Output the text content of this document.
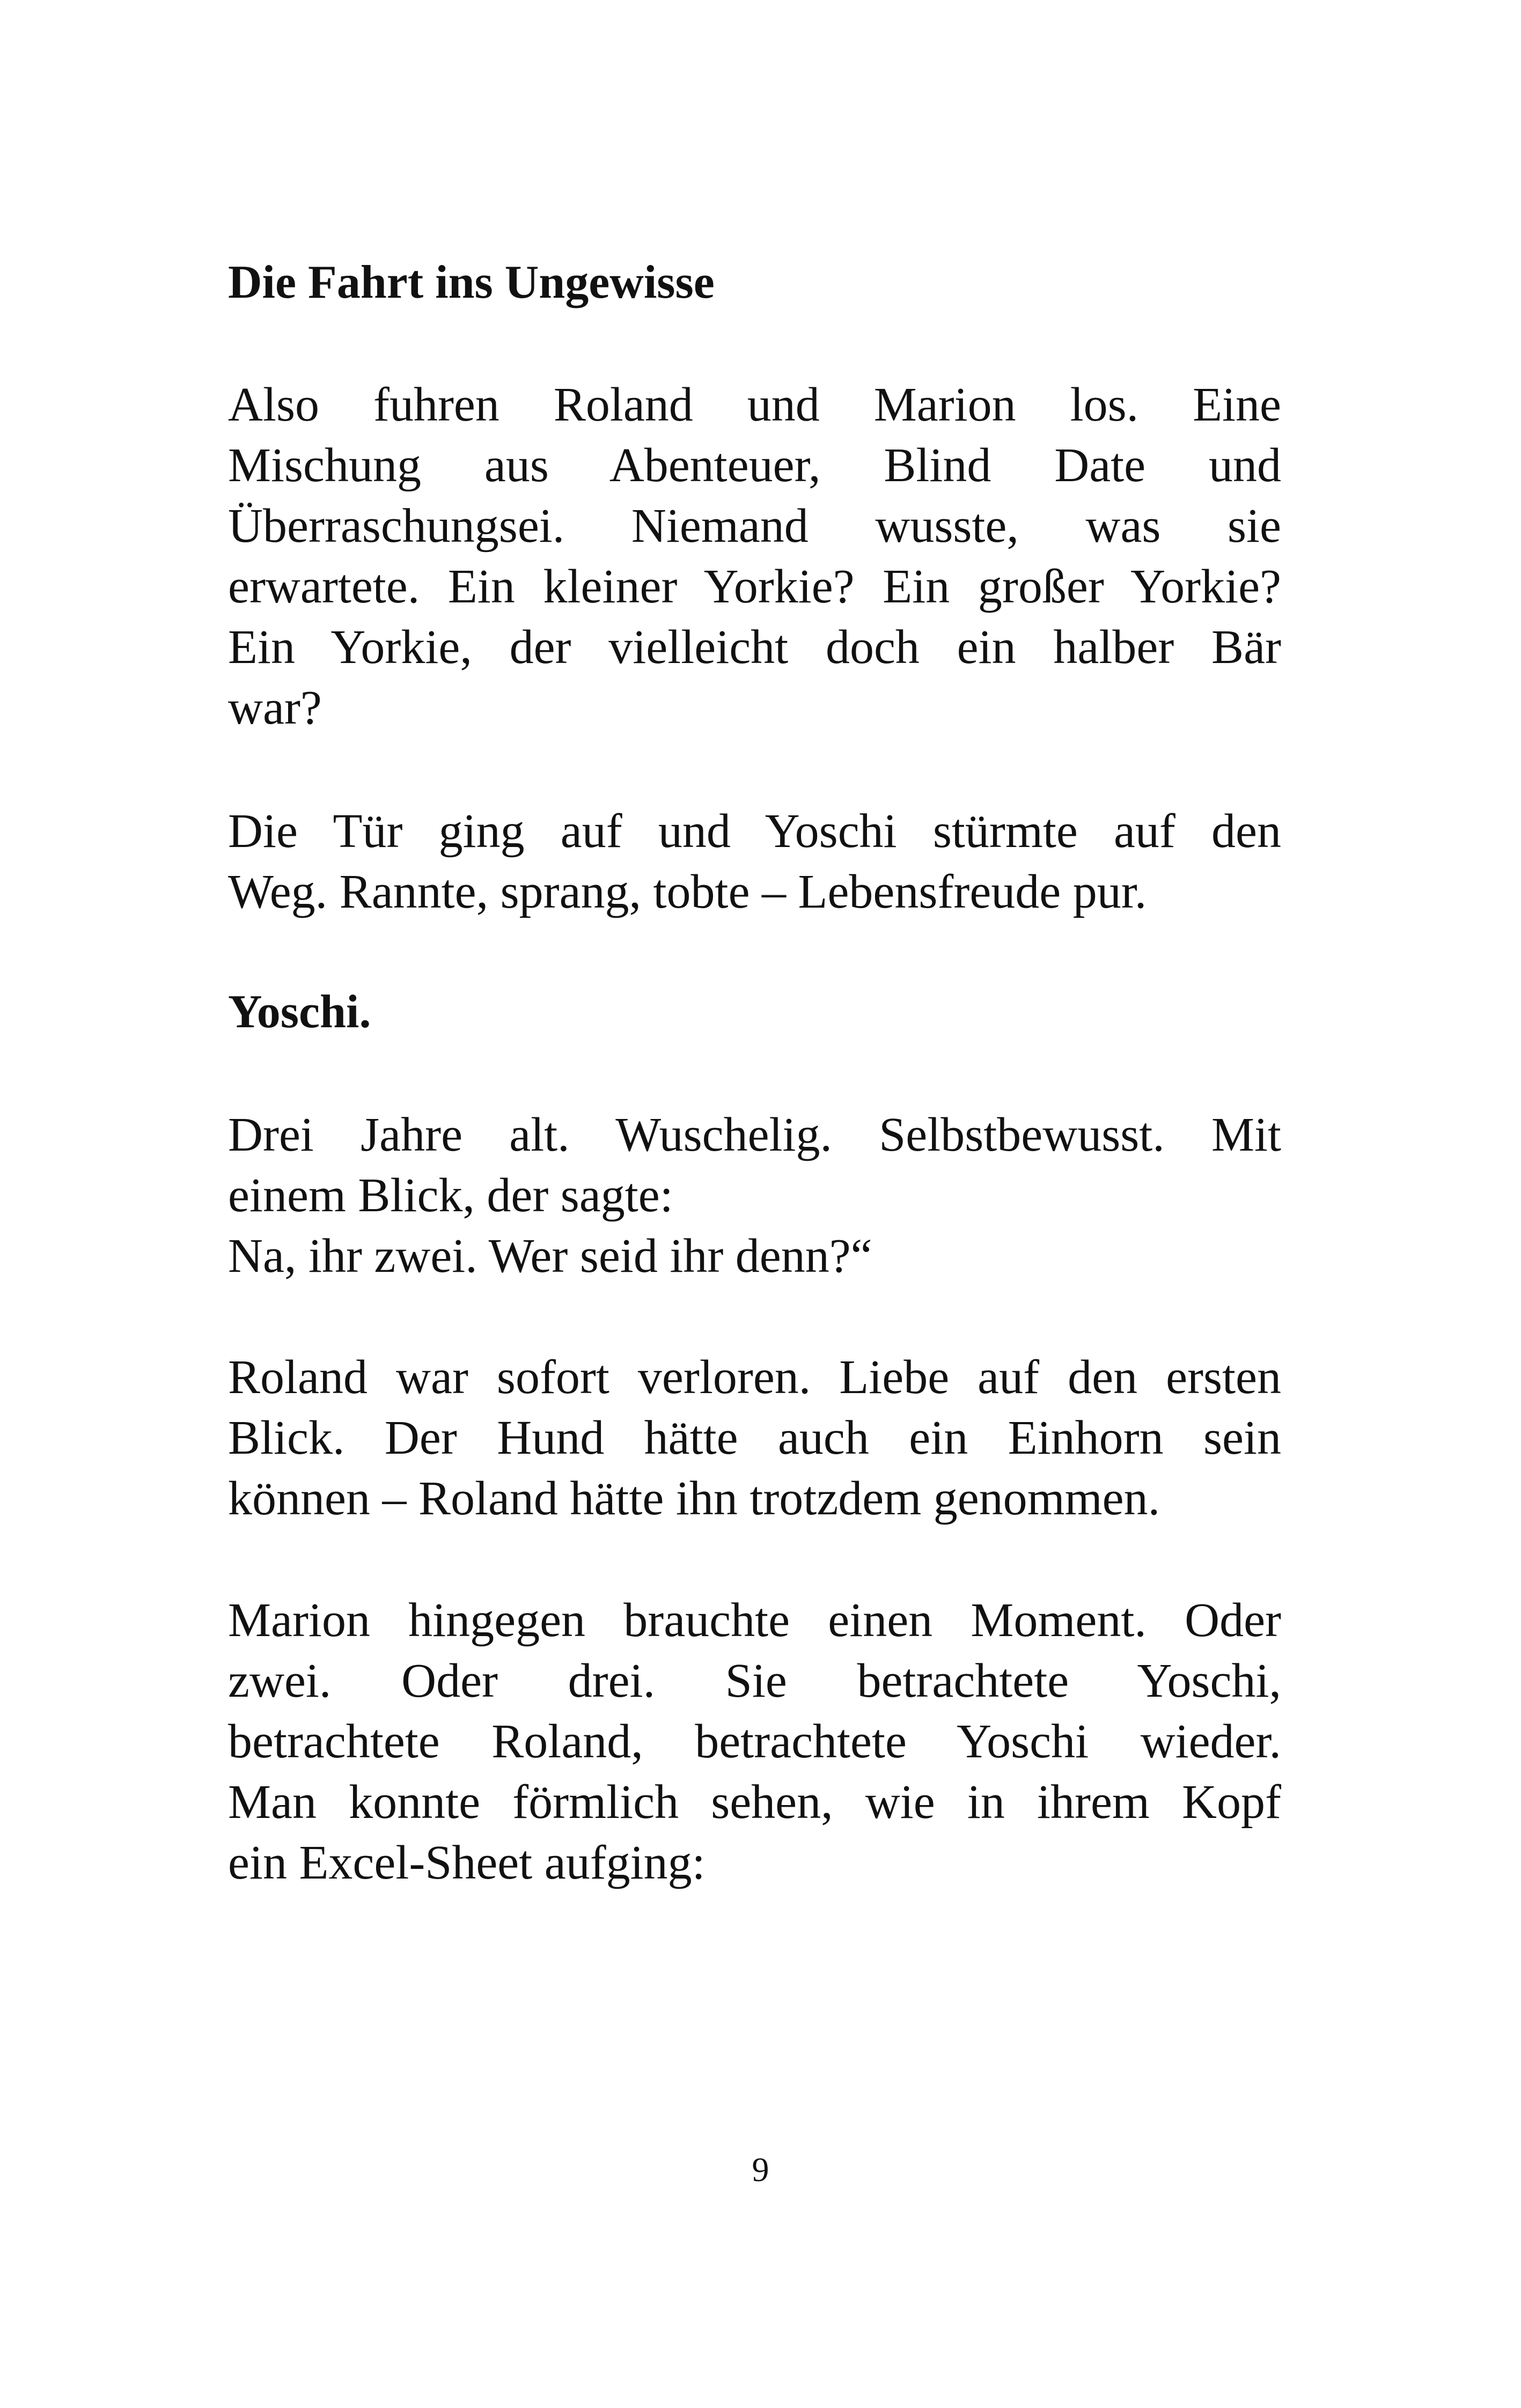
Die Fahrt ins Ungewisse
Also fuhren Roland und Marion los. Eine
Mischung aus Abenteuer, Blind Date und
Überraschungsei. Niemand wusste, was sie
erwartete. Ein kleiner Yorkie? Ein großer Yorkie?
Ein Yorkie, der vielleicht doch ein halber Bär
war?
Die Tür ging auf und Yoschi stürmte auf den
Weg. Rannte, sprang, tobte – Lebensfreude pur.
Yoschi.
Drei Jahre alt. Wuschelig. Selbstbewusst. Mit
einem Blick, der sagte:
Na, ihr zwei. Wer seid ihr denn?“
Roland war sofort verloren. Liebe auf den ersten
Blick. Der Hund hätte auch ein Einhorn sein
können – Roland hätte ihn trotzdem genommen.
Marion hingegen brauchte einen Moment. Oder
zwei. Oder drei. Sie betrachtete Yoschi,
betrachtete Roland, betrachtete Yoschi wieder.
Man konnte förmlich sehen, wie in ihrem Kopf
ein Excel-Sheet aufging:
9
